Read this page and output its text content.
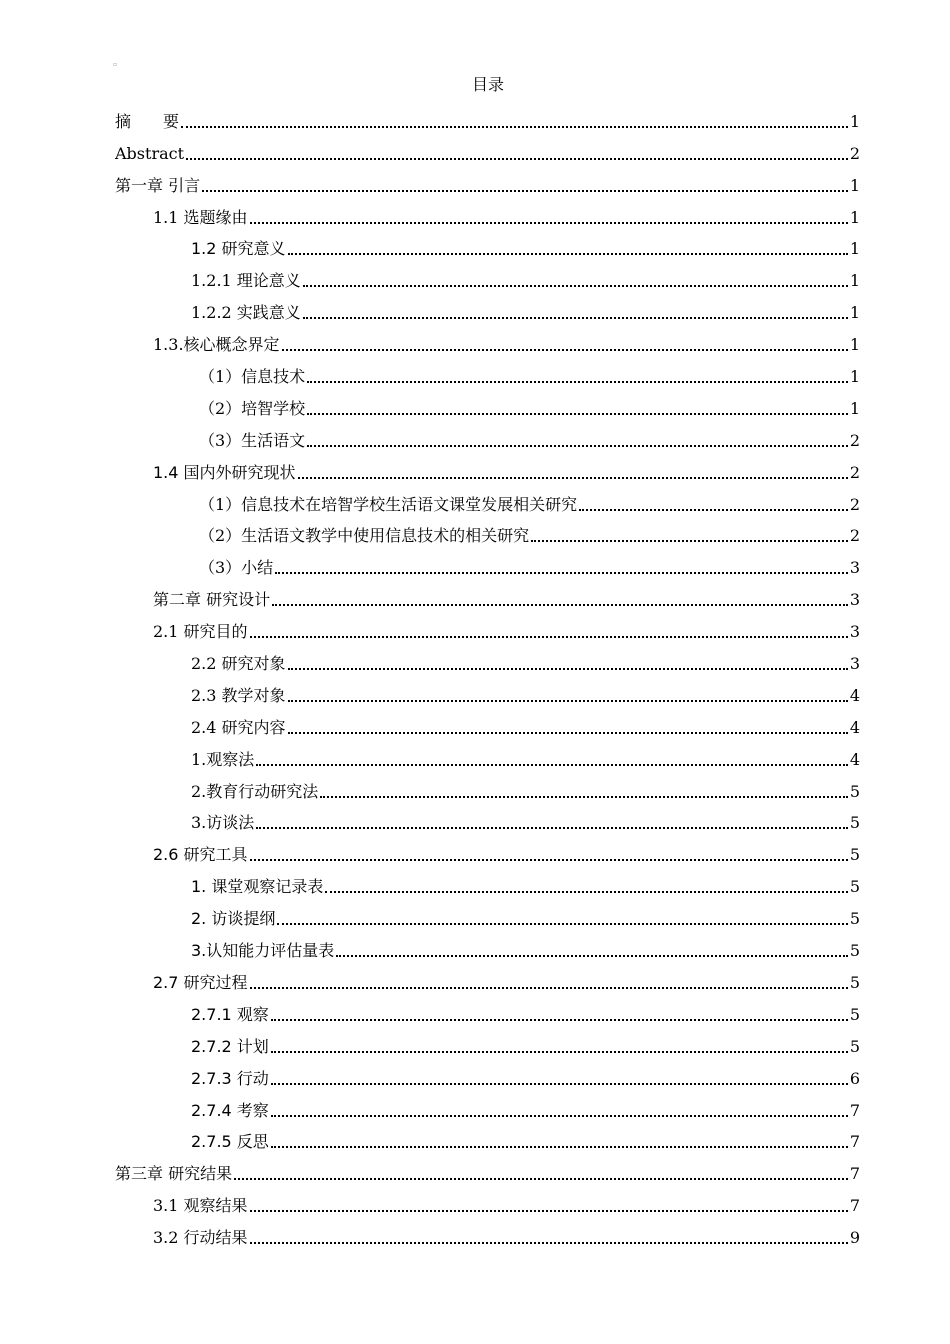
▫
目录
摘　　要	1
Abstract	2
第一章 引言	1
1.1 选题缘由	1
1.2 研究意义	1
1.2.1 理论意义	1
1.2.2 实践意义	1
1.3.核心概念界定	1
（1）信息技术	1
（2）培智学校	1
（3）生活语文	2
1.4 国内外研究现状	2
（1）信息技术在培智学校生活语文课堂发展相关研究	2
（2）生活语文教学中使用信息技术的相关研究	2
（3）小结	3
第二章 研究设计	3
2.1 研究目的	3
2.2 研究对象	3
2.3 教学对象	4
2.4 研究内容	4
1.观察法	4
2.教育行动研究法	5
3.访谈法	5
2.6 研究工具	5
1. 课堂观察记录表	5
2. 访谈提纲	5
3.认知能力评估量表	5
2.7 研究过程	5
2.7.1 观察	5
2.7.2 计划	5
2.7.3 行动	6
2.7.4 考察	7
2.7.5 反思	7
第三章 研究结果	7
3.1 观察结果	7
3.2 行动结果	9
